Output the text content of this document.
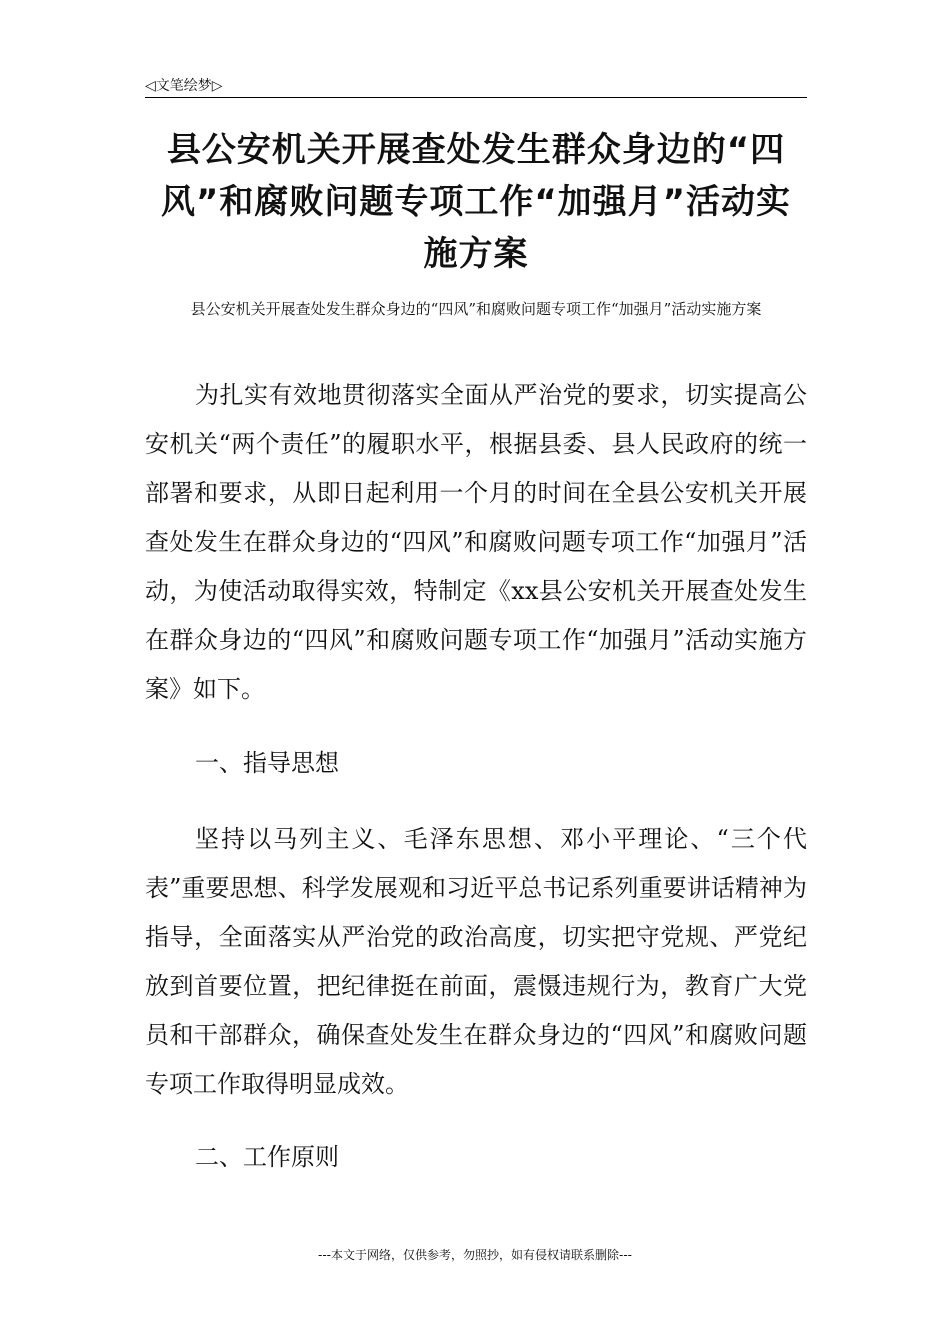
◁文笔绘梦▷
县公安机关开展查处发生群众身边的“四风”和腐败问题专项工作“加强月”活动实施方案
县公安机关开展查处发生群众身边的“四风”和腐败问题专项工作“加强月”活动实施方案

为扎实有效地贯彻落实全面从严治党的要求，切实提高公安机关“两个责任”的履职水平，根据县委、县人民政府的统一部署和要求，从即日起利用一个月的时间在全县公安机关开展查处发生在群众身边的“四风”和腐败问题专项工作“加强月”活动，为使活动取得实效，特制定《xx县公安机关开展查处发生在群众身边的“四风”和腐败问题专项工作“加强月”活动实施方案》如下。

一、指导思想

坚持以马列主义、毛泽东思想、邓小平理论、“三个代表”重要思想、科学发展观和习近平总书记系列重要讲话精神为指导，全面落实从严治党的政治高度，切实把守党规、严党纪放到首要位置，把纪律挺在前面，震慑违规行为，教育广大党员和干部群众，确保查处发生在群众身边的“四风”和腐败问题专项工作取得明显成效。

二、工作原则

---本文于网络，仅供参考，勿照抄，如有侵权请联系删除---
